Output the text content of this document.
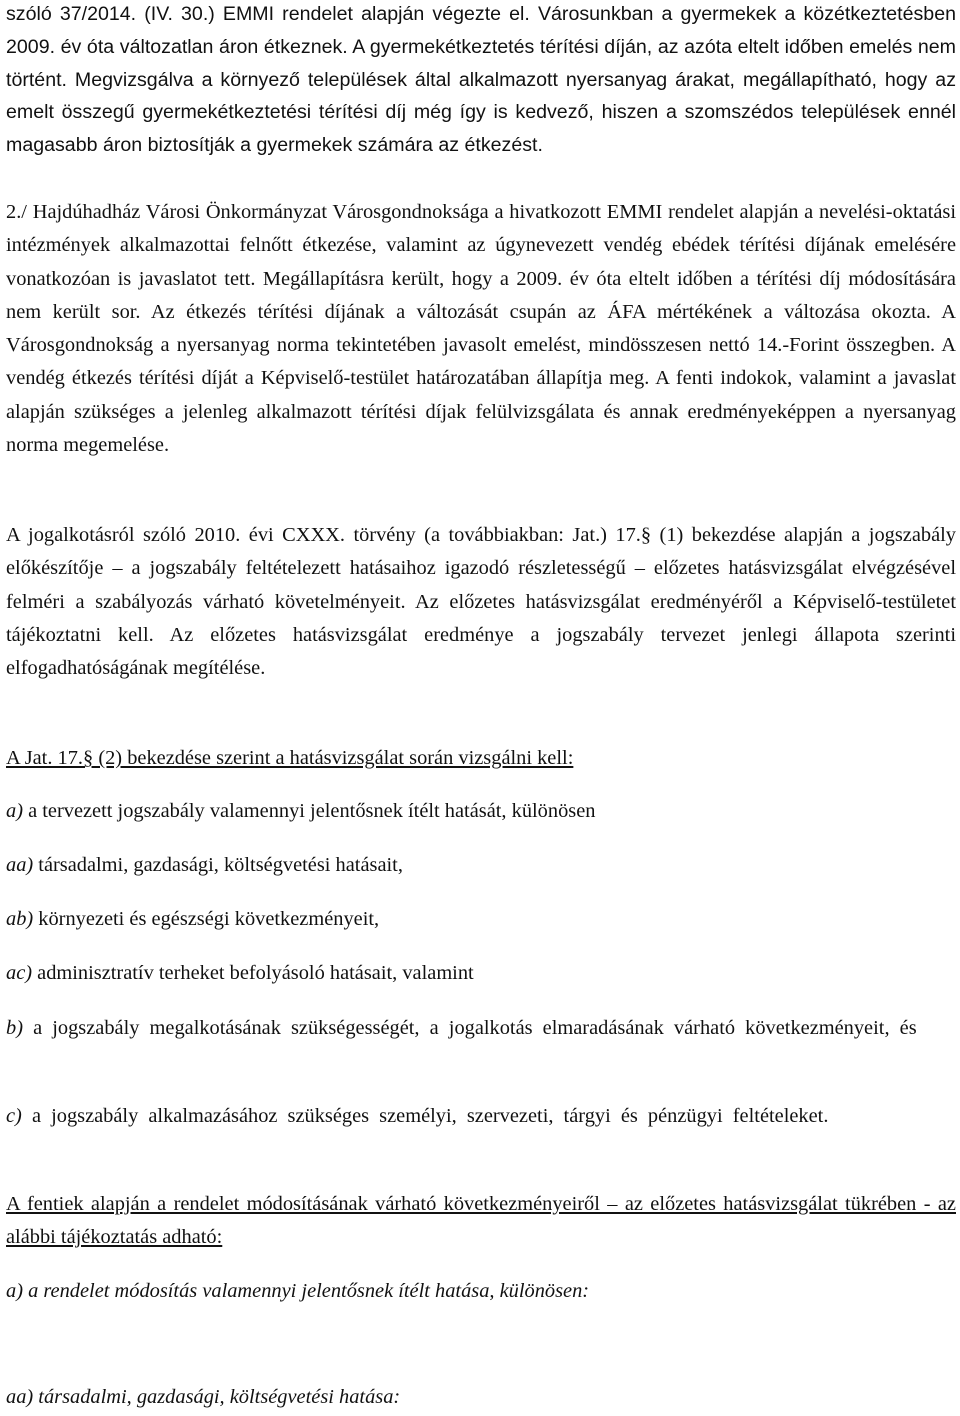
szóló 37/2014. (IV. 30.) EMMI rendelet alapján végezte el. Városunkban a gyermekek a közétkeztetésben 2009. év óta változatlan áron étkeznek. A gyermekétkeztetés térítési díján, az azóta eltelt időben emelés nem történt. Megvizsgálva a környező települések által alkalmazott nyersanyag árakat, megállapítható, hogy az emelt összegű gyermekétkeztetési térítési díj még így is kedvező, hiszen a szomszédos települések ennél magasabb áron biztosítják a gyermekek számára az étkezést.

2./ Hajdúhadház Városi Önkormányzat Városgondnoksága a hivatkozott EMMI rendelet alapján a nevelési-oktatási intézmények alkalmazottai felnőtt étkezése, valamint az úgynevezett vendég ebédek térítési díjának emelésére vonatkozóan is javaslatot tett. Megállapításra került, hogy a 2009. év óta eltelt időben a térítési díj módosítására nem került sor. Az étkezés térítési díjának a változását csupán az ÁFA mértékének a változása okozta. A Városgondnokság a nyersanyag norma tekintetében javasolt emelést, mindösszesen nettó 14.-Forint összegben. A vendég étkezés térítési díját a Képviselő-testület határozatában állapítja meg. A fenti indokok, valamint a javaslat alapján szükséges a jelenleg alkalmazott térítési díjak felülvizsgálata és annak eredményeképpen a nyersanyag norma megemelése.

A jogalkotásról szóló 2010. évi CXXX. törvény (a továbbiakban: Jat.) 17.§ (1) bekezdése alapján a jogszabály előkészítője – a jogszabály feltételezett hatásaihoz igazodó részletességű – előzetes hatásvizsgálat elvégzésével felméri a szabályozás várható követelményeit. Az előzetes hatásvizsgálat eredményéről a Képviselő-testületet tájékoztatni kell. Az előzetes hatásvizsgálat eredménye a jogszabály tervezet jenlegi állapota szerinti elfogadhatóságának megítélése.

A Jat. 17.§ (2) bekezdése szerint a hatásvizsgálat során vizsgálni kell:

a) a tervezett jogszabály valamennyi jelentősnek ítélt hatását, különösen

aa) társadalmi, gazdasági, költségvetési hatásait,

ab) környezeti és egészségi következményeit,

ac) adminisztratív terheket befolyásoló hatásait, valamint

b) a jogszabály megalkotásának szükségességét, a jogalkotás elmaradásának várható következményeit, és

c) a jogszabály alkalmazásához szükséges személyi, szervezeti, tárgyi és pénzügyi feltételeket.

A fentiek alapján a rendelet módosításának várható következményeiről – az előzetes hatásvizsgálat tükrében - az alábbi tájékoztatás adható:

a) a rendelet módosítás valamennyi jelentősnek ítélt hatása, különösen:

aa) társadalmi, gazdasági, költségvetési hatása:
